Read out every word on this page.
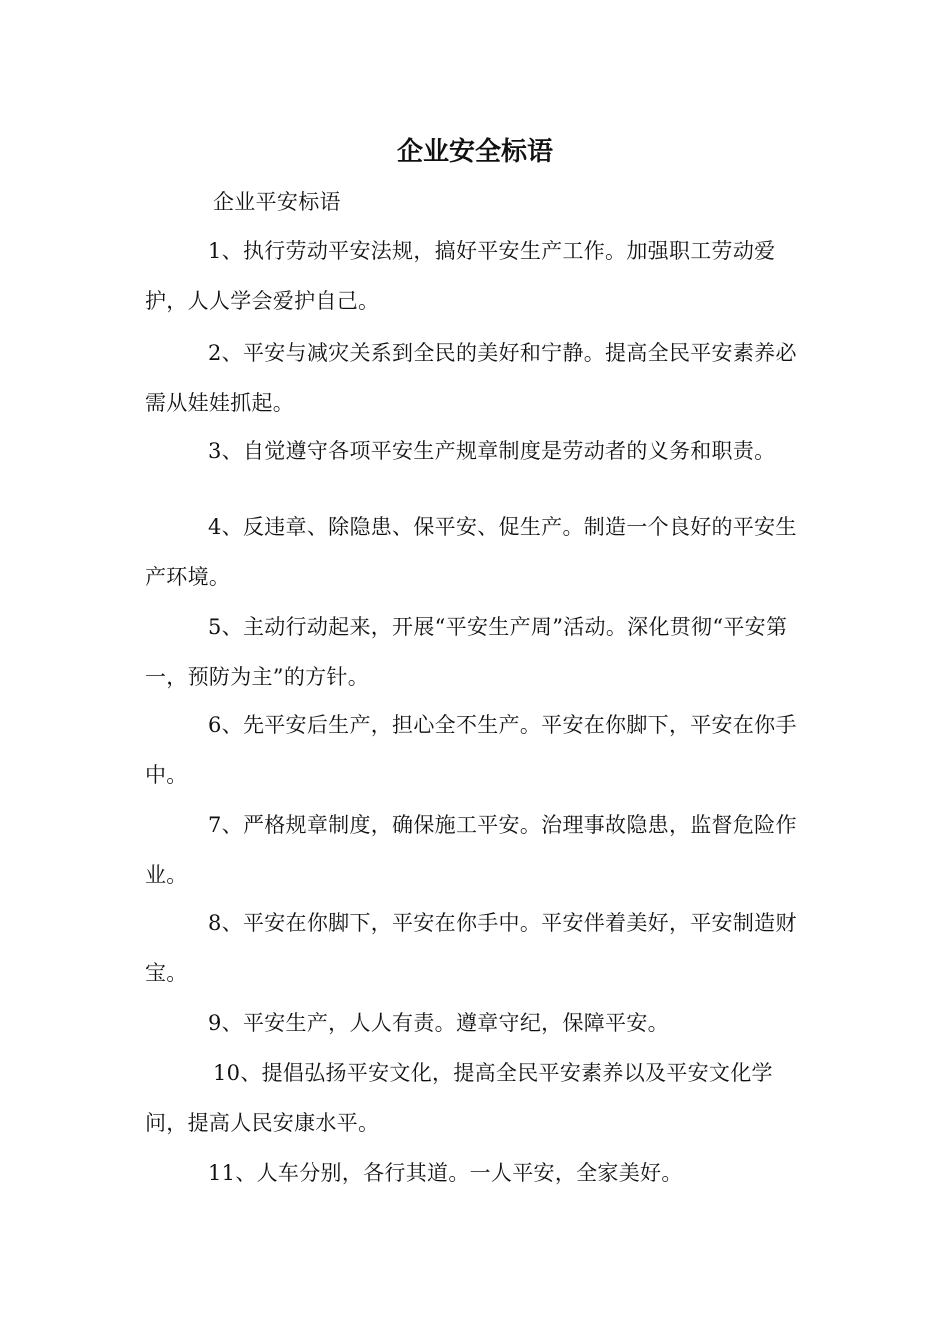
企业安全标语

企业平安标语

1、执行劳动平安法规，搞好平安生产工作。加强职工劳动爱护，人人学会爱护自己。

2、平安与减灾关系到全民的美好和宁静。提高全民平安素养必需从娃娃抓起。

3、自觉遵守各项平安生产规章制度是劳动者的义务和职责。

4、反违章、除隐患、保平安、促生产。制造一个良好的平安生产环境。

5、主动行动起来，开展“平安生产周”活动。深化贯彻“平安第一，预防为主”的方针。

6、先平安后生产，担心全不生产。平安在你脚下，平安在你手中。

7、严格规章制度，确保施工平安。治理事故隐患，监督危险作业。

8、平安在你脚下，平安在你手中。平安伴着美好，平安制造财宝。

9、平安生产，人人有责。遵章守纪，保障平安。

10、提倡弘扬平安文化，提高全民平安素养以及平安文化学问，提高人民安康水平。

11、人车分别，各行其道。一人平安，全家美好。
